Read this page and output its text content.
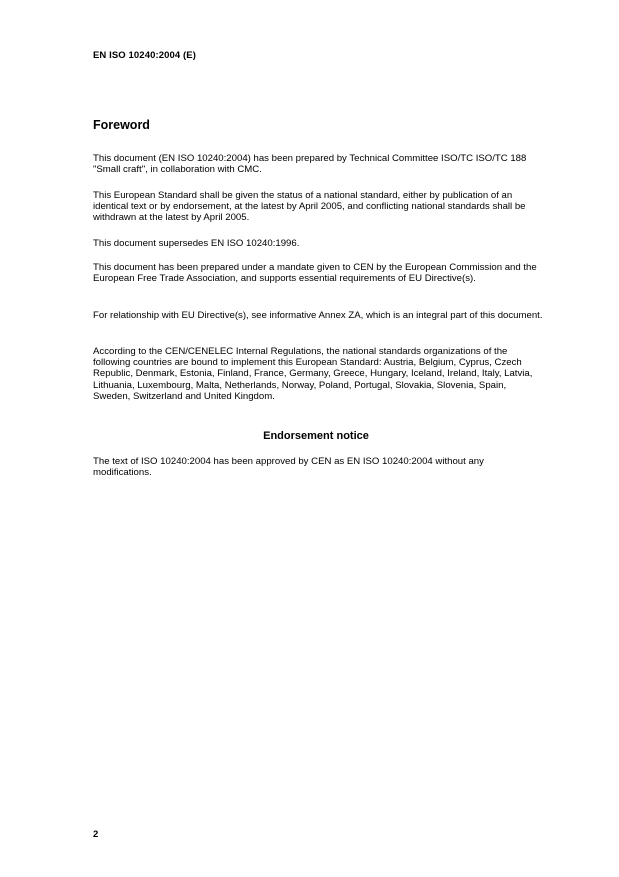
EN ISO 10240:2004 (E)
Foreword
This document (EN ISO 10240:2004) has been prepared by Technical Committee ISO/TC ISO/TC 188 "Small craft", in collaboration with CMC.
This European Standard shall be given the status of a national standard, either by publication of an identical text or by endorsement, at the latest by April 2005, and conflicting national standards shall be withdrawn at the latest by April 2005.
This document supersedes EN ISO 10240:1996.
This document has been prepared under a mandate given to CEN by the European Commission and the European Free Trade Association, and supports essential requirements of EU Directive(s).
For relationship with EU Directive(s), see informative Annex ZA, which is an integral part of this document.
According to the CEN/CENELEC Internal Regulations, the national standards organizations of the following countries are bound to implement this European Standard: Austria, Belgium, Cyprus, Czech Republic, Denmark, Estonia, Finland, France, Germany, Greece, Hungary, Iceland, Ireland, Italy, Latvia, Lithuania, Luxembourg, Malta, Netherlands, Norway, Poland, Portugal, Slovakia, Slovenia, Spain, Sweden, Switzerland and United Kingdom.
Endorsement notice
The text of ISO 10240:2004 has been approved by CEN as EN ISO 10240:2004 without any modifications.
2
